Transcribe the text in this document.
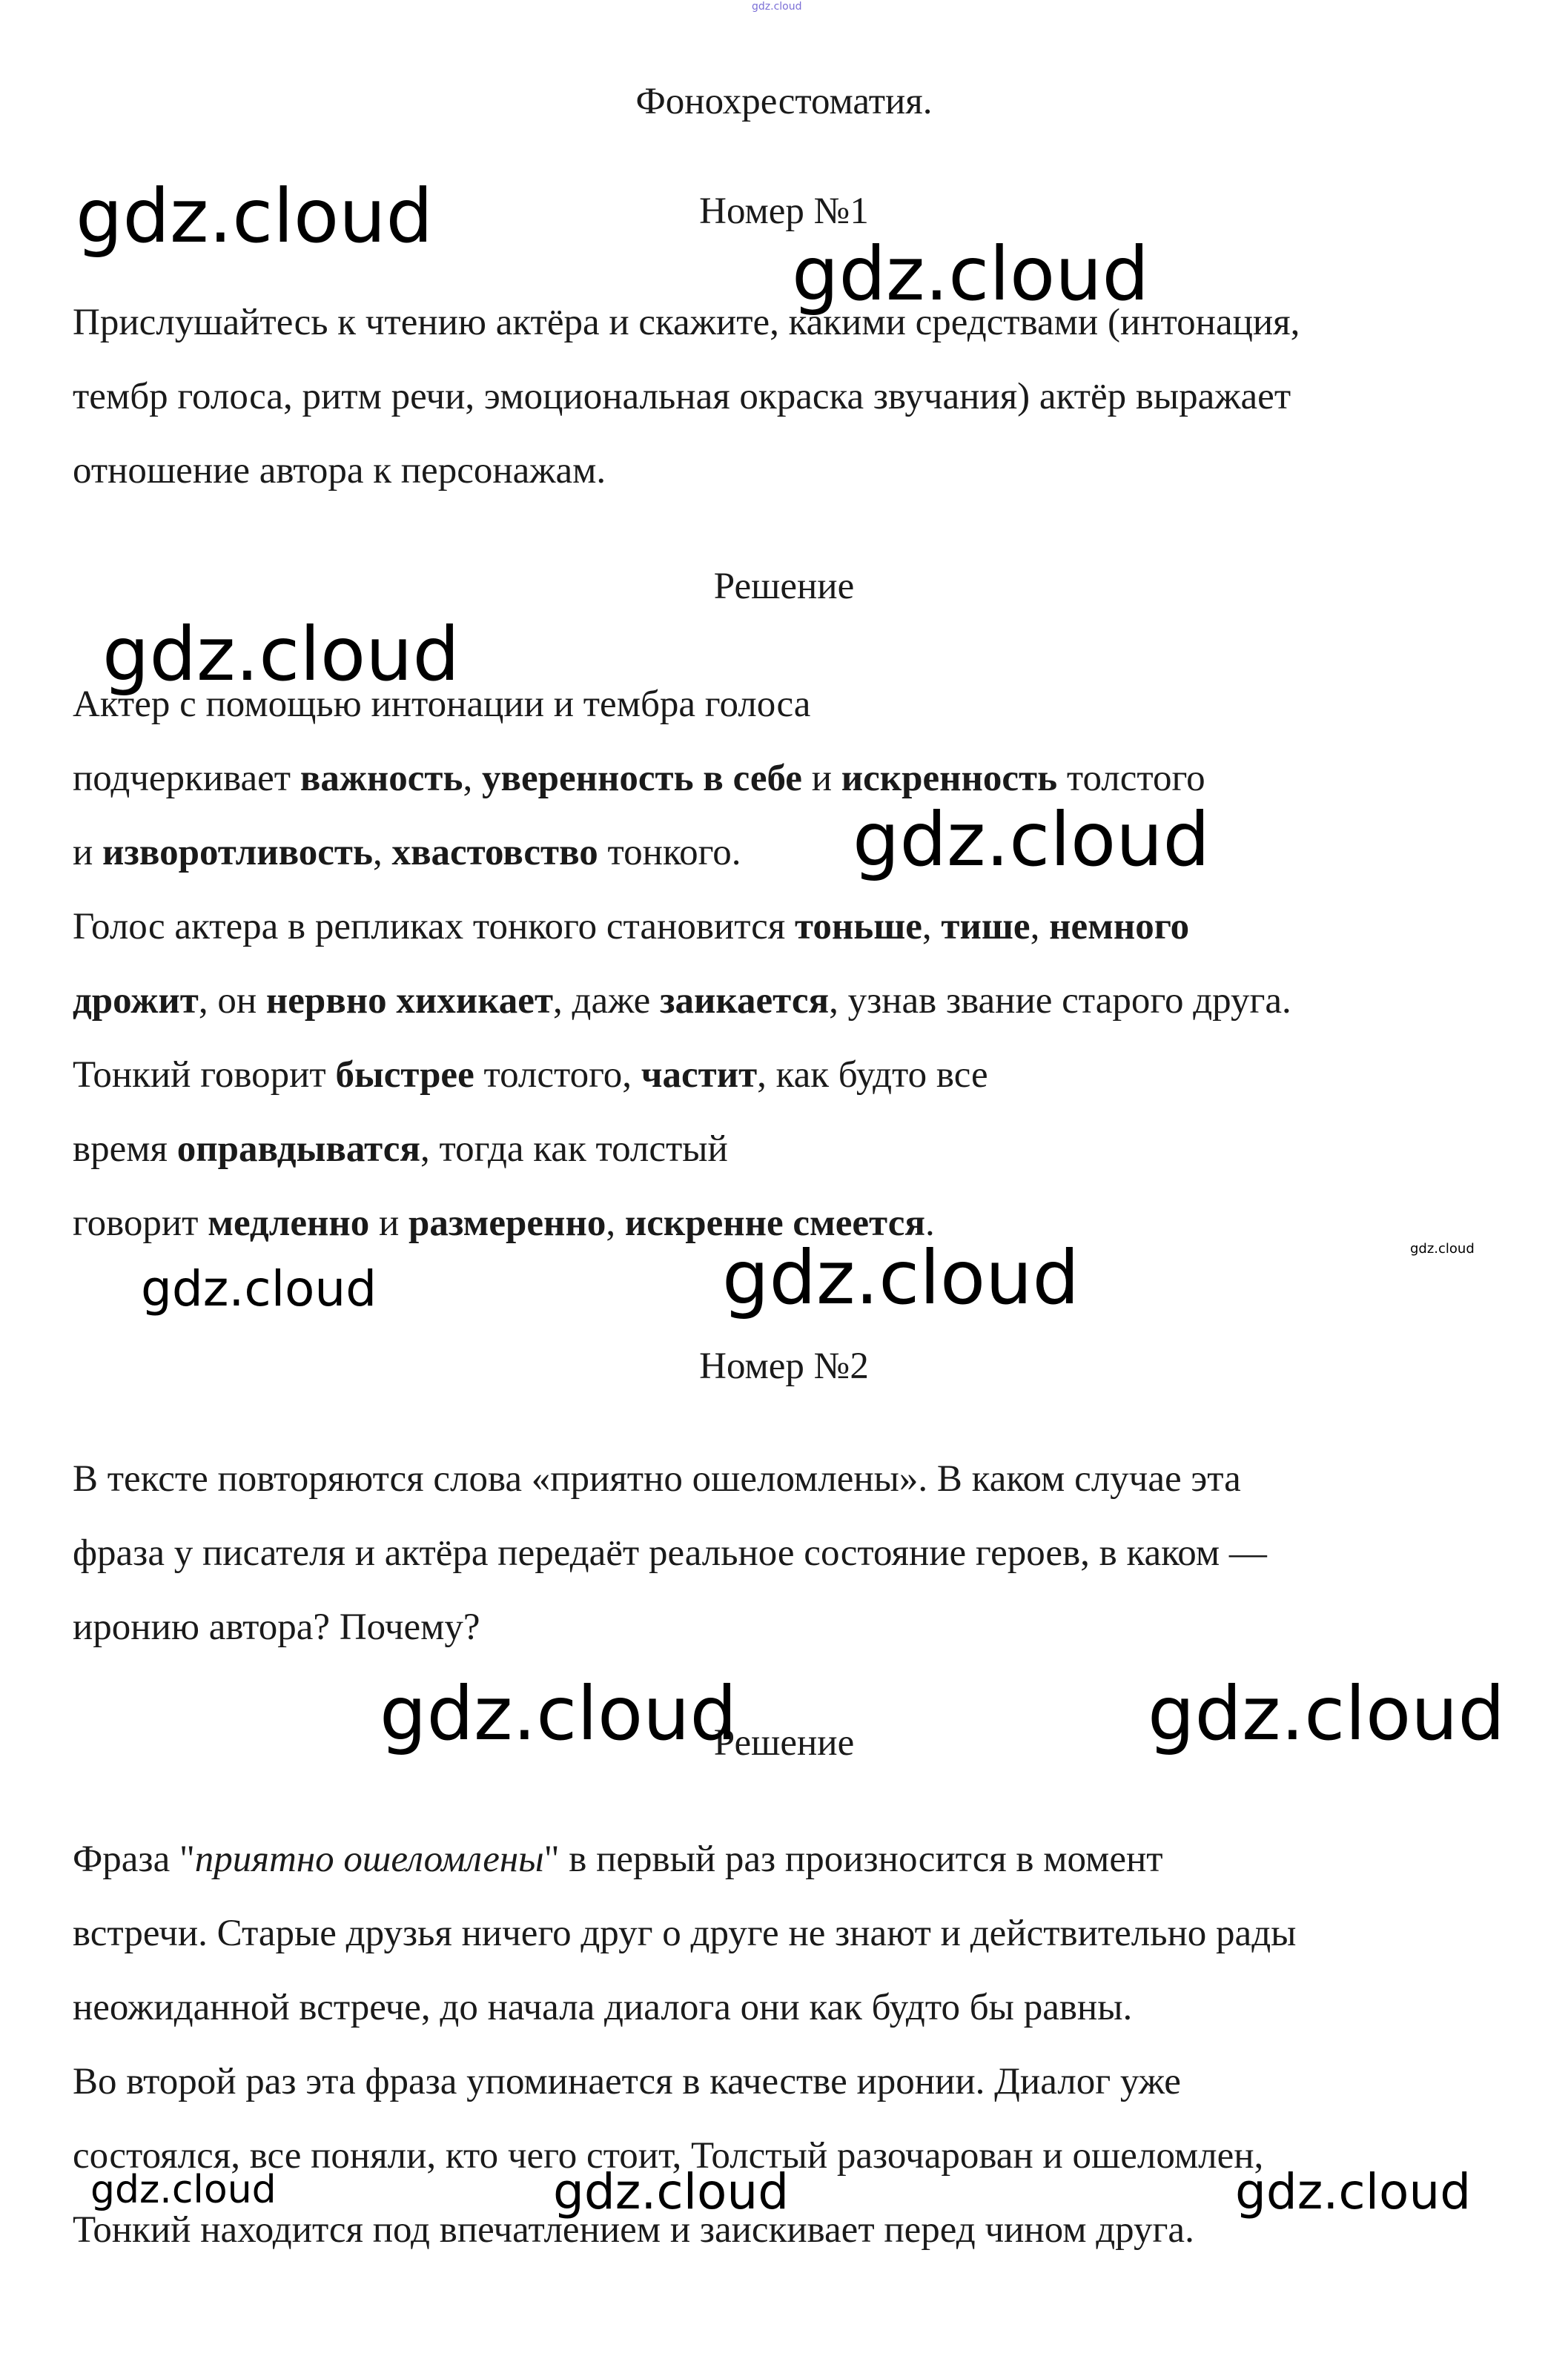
gdz.cloud
Фонохрестоматия.
Номер №1
Прислушайтесь к чтению актёра и скажите, какими средствами (интонация,
тембр голоса, ритм речи, эмоциональная окраска звучания) актёр выражает
отношение автора к персонажам.
Решение
Актер с помощью интонации и тембра голоса
подчеркивает важность, уверенность в себе и искренность толстого
и изворотливость, хвастовство тонкого.
Голос актера в репликах тонкого становится тоньше, тише, немного
дрожит, он нервно хихикает, даже заикается, узнав звание старого друга.
Тонкий говорит быстрее толстого, частит, как будто все
время оправдыватся, тогда как толстый
говорит медленно и размеренно, искренне смеется.
Номер №2
В тексте повторяются слова «приятно ошеломлены». В каком случае эта
фраза у писателя и актёра передаёт реальное состояние героев, в каком —
иронию автора? Почему?
Решение
Фраза "приятно ошеломлены" в первый раз произносится в момент
встречи. Старые друзья ничего друг о друге не знают и действительно рады
неожиданной встрече, до начала диалога они как будто бы равны.
Во второй раз эта фраза упоминается в качестве иронии. Диалог уже
состоялся, все поняли, кто чего стоит, Толстый разочарован и ошеломлен,
Тонкий находится под впечатлением и заискивает перед чином друга.
gdz.cloud
gdz.cloud
gdz.cloud
gdz.cloud
gdz.cloud
gdz.cloud	gdz.cloud
gdz.cloud	gdz.cloud
gdz.cloud	gdz.cloud	gdz.cloud
